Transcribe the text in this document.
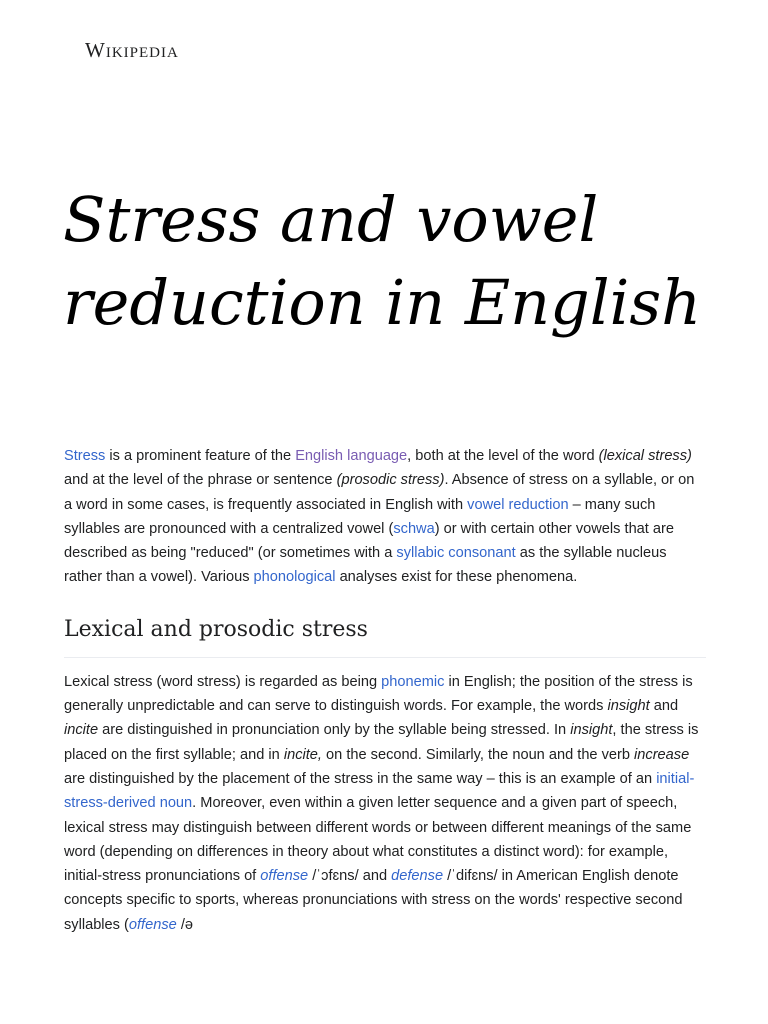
Wikipedia
Stress and vowel reduction in English

Stress is a prominent feature of the English language, both at the level of the word (lexical stress) and at the level of the phrase or sentence (prosodic stress). Absence of stress on a syllable, or on a word in some cases, is frequently associated in English with vowel reduction – many such syllables are pronounced with a centralized vowel (schwa) or with certain other vowels that are described as being "reduced" (or sometimes with a syllabic consonant as the syllable nucleus rather than a vowel). Various phonological analyses exist for these phenomena.

Lexical and prosodic stress

Lexical stress (word stress) is regarded as being phonemic in English; the position of the stress is generally unpredictable and can serve to distinguish words. For example, the words insight and incite are distinguished in pronunciation only by the syllable being stressed. In insight, the stress is placed on the first syllable; and in incite, on the second. Similarly, the noun and the verb increase are distinguished by the placement of the stress in the same way – this is an example of an initial-stress-derived noun. Moreover, even within a given letter sequence and a given part of speech, lexical stress may distinguish between different words or between different meanings of the same word (depending on differences in theory about what constitutes a distinct word): for example, initial-stress pronunciations of offense /ˈɔfɛns/ and defense /ˈdifɛns/ in American English denote concepts specific to sports, whereas pronunciations with stress on the words' respective second syllables (offense /ə
